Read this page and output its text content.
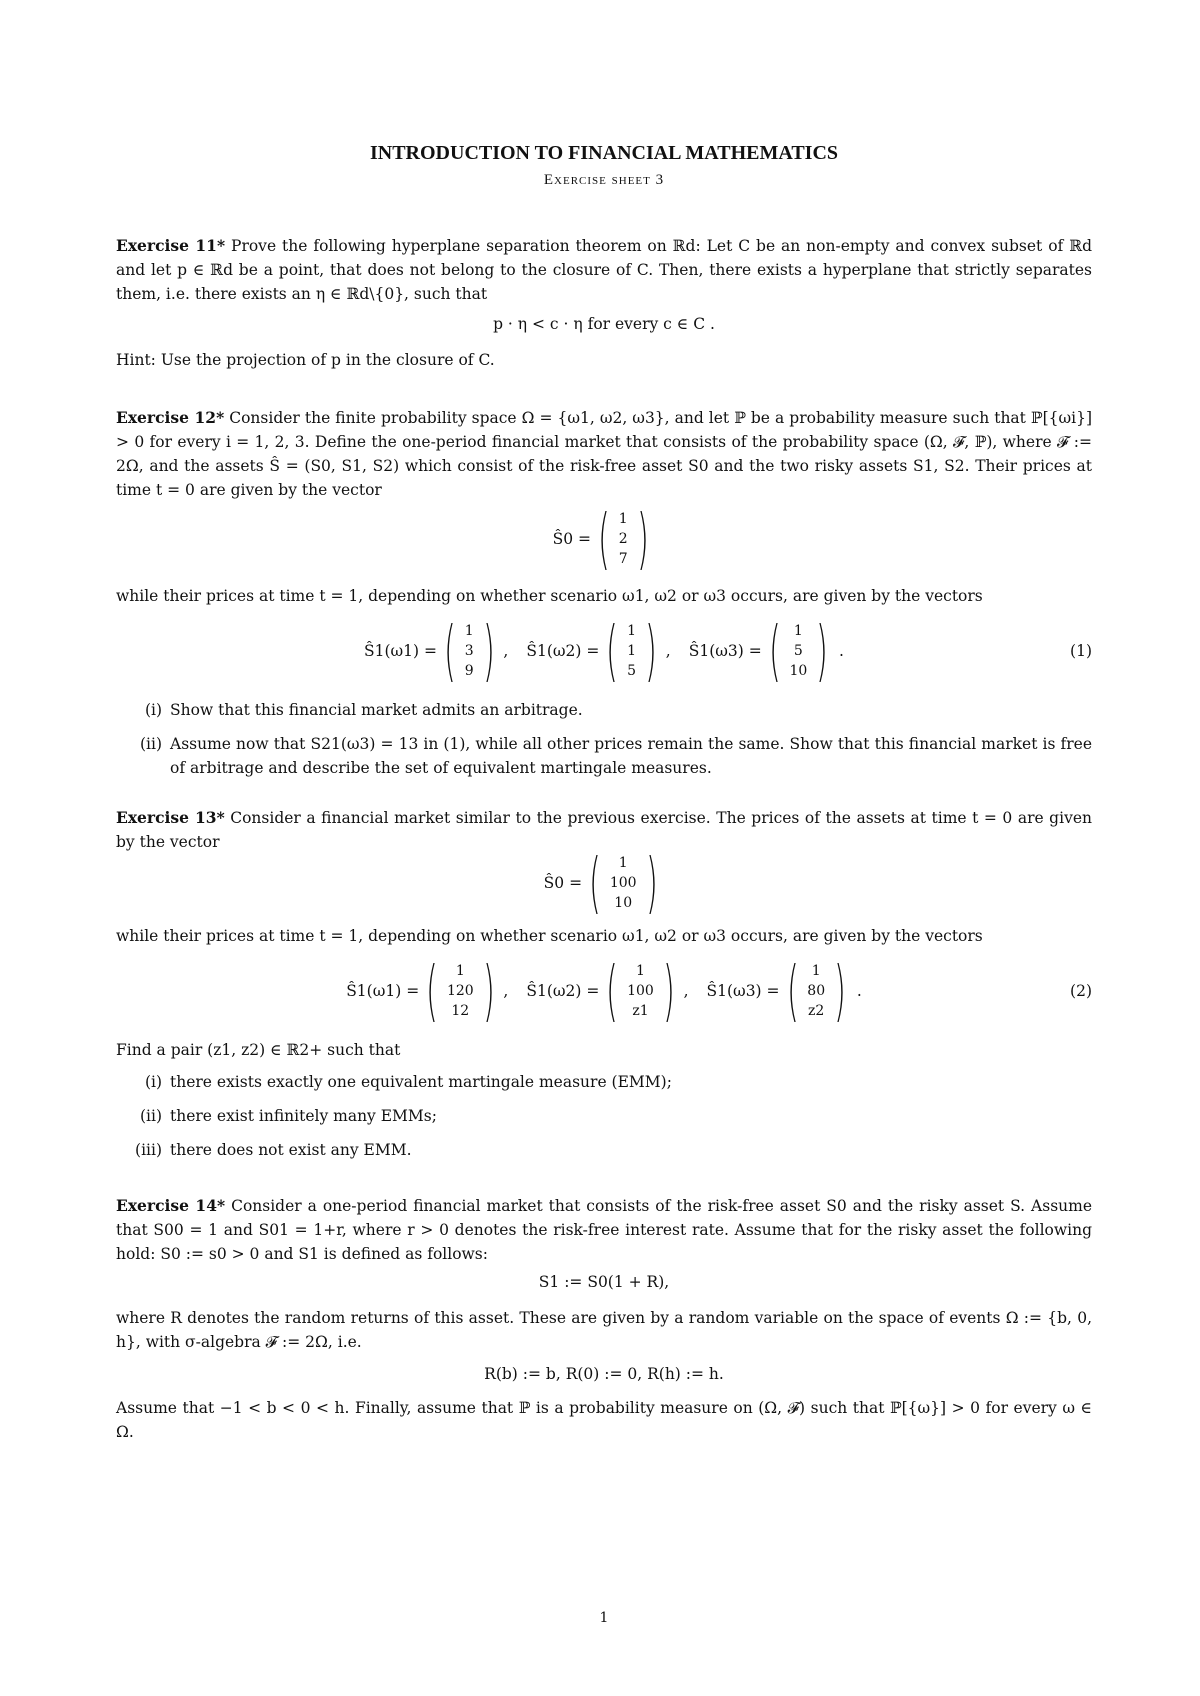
INTRODUCTION TO FINANCIAL MATHEMATICS
Exercise sheet 3

Exercise 11* Prove the following hyperplane separation theorem on ℝd: Let C be an non-empty and convex subset of ℝd and let p ∈ ℝd be a point, that does not belong to the closure of C. Then, there exists a hyperplane that strictly separates them, i.e. there exists an η ∈ ℝd\{0}, such that

p · η < c · η for every c ∈ C .

Hint: Use the projection of p in the closure of C.

Exercise 12* Consider the finite probability space Ω = {ω1, ω2, ω3}, and let ℙ be a probability measure such that ℙ[{ωi}] > 0 for every i = 1, 2, 3. Define the one-period financial market that consists of the probability space (Ω, 𝓕, ℙ), where 𝓕 := 2Ω, and the assets Ŝ = (S0, S1, S2) which consist of the risk-free asset S0 and the two risky assets S1, S2. Their prices at time t = 0 are given by the vector

Ŝ0 = ( 1
2
7 )

while their prices at time t = 1, depending on whether scenario ω1, ω2 or ω3 occurs, are given by the vectors

Ŝ1(ω1) = ( 1
3
9 ) , Ŝ1(ω2) = ( 1
1
5 ) , Ŝ1(ω3) = ( 1
5
10 ) .	(1)
(i) Show that this financial market admits an arbitrage.
(ii) Assume now that S21(ω3) = 13 in (1), while all other prices remain the same. Show that this financial market is free of arbitrage and describe the set of equivalent martingale measures.

Exercise 13* Consider a financial market similar to the previous exercise. The prices of the assets at time t = 0 are given by the vector

Ŝ0 = ( 1
100
10 )

while their prices at time t = 1, depending on whether scenario ω1, ω2 or ω3 occurs, are given by the vectors

Ŝ1(ω1) = ( 1
120
12 ) , Ŝ1(ω2) = ( 1
100
z1 ) , Ŝ1(ω3) = ( 1
80
z2 ) .	(2)

Find a pair (z1, z2) ∈ ℝ2+ such that

(i) there exists exactly one equivalent martingale measure (EMM);
(ii) there exist infinitely many EMMs;
(iii) there does not exist any EMM.

Exercise 14* Consider a one-period financial market that consists of the risk-free asset S0 and the risky asset S. Assume that S00 = 1 and S01 = 1+r, where r > 0 denotes the risk-free interest rate. Assume that for the risky asset the following hold: S0 := s0 > 0 and S1 is defined as follows:

S1 := S0(1 + R),

where R denotes the random returns of this asset. These are given by a random variable on the space of events Ω := {b, 0, h}, with σ-algebra 𝓕 := 2Ω, i.e.

R(b) := b, R(0) := 0, R(h) := h.

Assume that −1 < b < 0 < h. Finally, assume that ℙ is a probability measure on (Ω, 𝓕) such that ℙ[{ω}] > 0 for every ω ∈ Ω.

1
